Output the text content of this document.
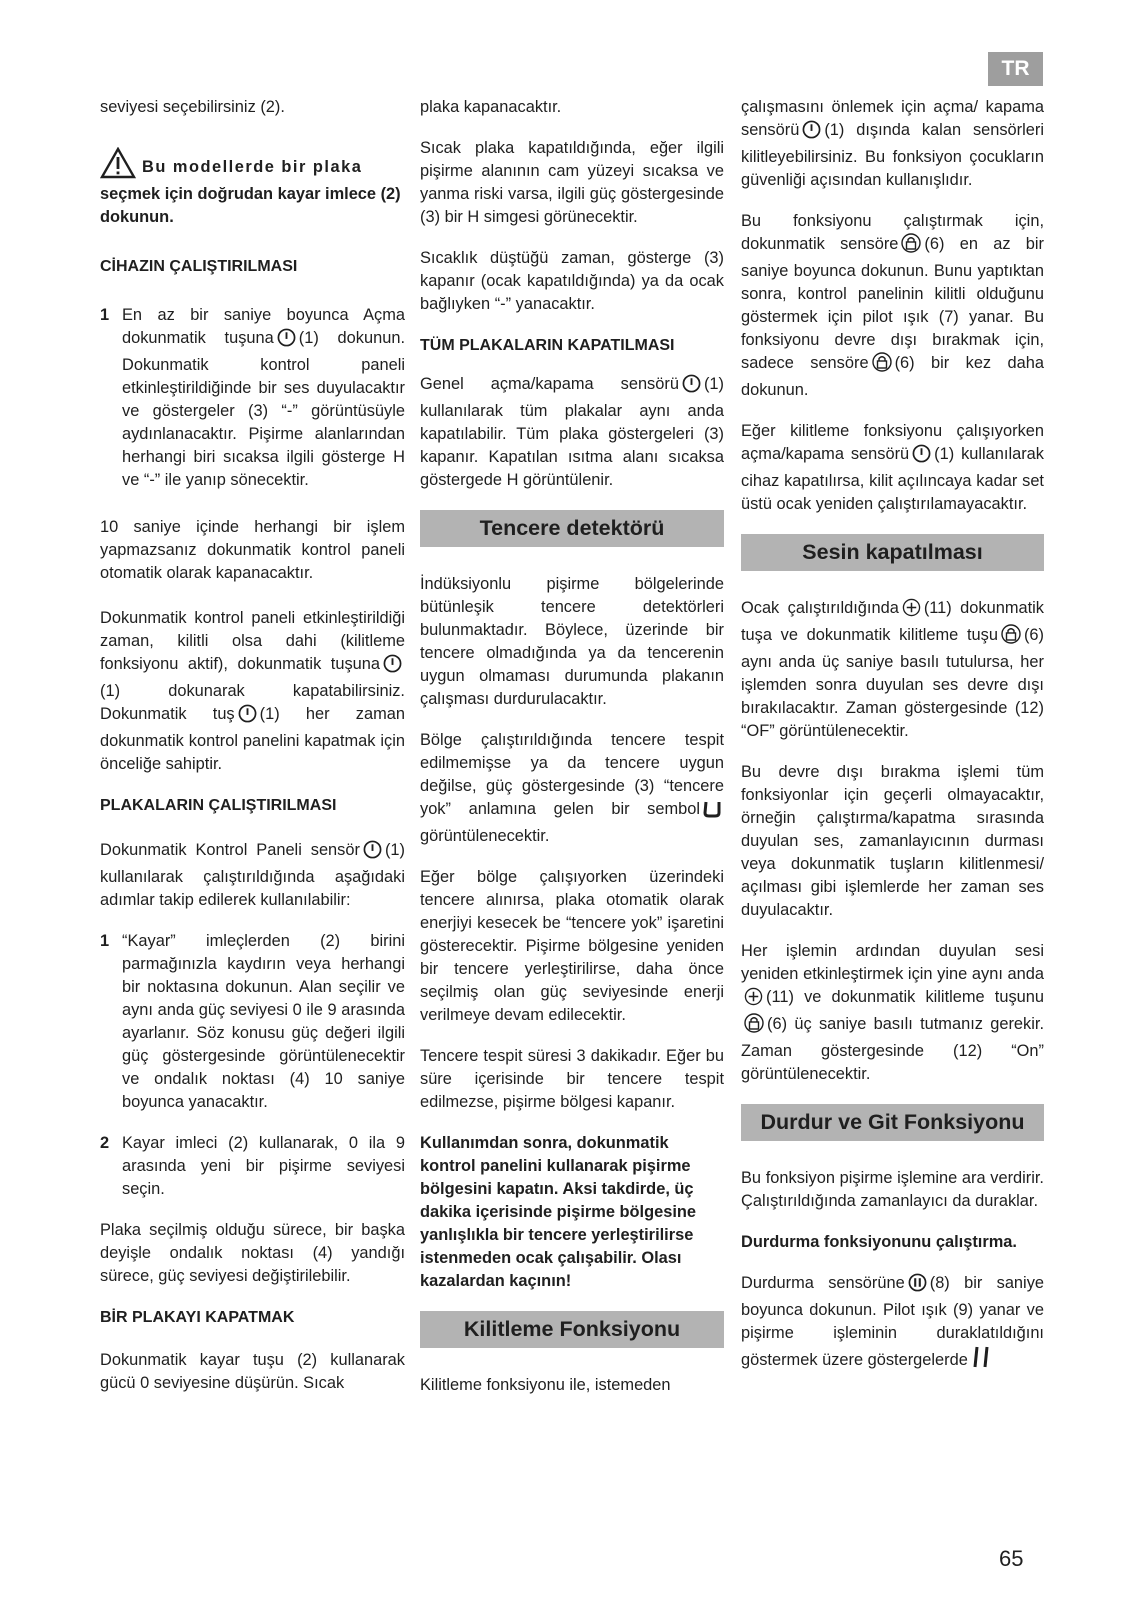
TR

seviyesi seçebilirsiniz (2).

Bu modellerde bir plaka

seçmek için doğrudan kayar imlece (2) dokunun.

CİHAZIN ÇALIŞTIRILMASI
1 En az bir saniye boyunca Açma dokunmatik tuşuna (1) dokunun. Dokunmatik kontrol paneli etkinleştirildiğinde bir ses duyulacaktır ve göstergeler (3) “-” görüntüsüyle aydınlanacaktır. Pişirme alanlarından herhangi biri sıcaksa ilgili gösterge H ve “-” ile yanıp sönecektir.

10 saniye içinde herhangi bir işlem yapmazsanız dokunmatik kontrol paneli otomatik olarak kapanacaktır.

Dokunmatik kontrol paneli etkinleştirildiği zaman, kilitli olsa dahi (kilitleme fonksiyonu aktif), dokunmatik tuşuna(1) dokunarak kapatabilirsiniz. Dokunmatik tuş (1) her zaman dokunmatik kontrol panelini kapatmak için önceliğe sahiptir.

PLAKALARIN ÇALIŞTIRILMASI

Dokunmatik Kontrol Paneli sensör (1) kullanılarak çalıştırıldığında aşağıdaki adımlar takip edilerek kullanılabilir:

1 “Kayar” imleçlerden (2) birini parmağınızla kaydırın veya herhangi bir noktasına dokunun. Alan seçilir ve aynı anda güç seviyesi 0 ile 9 arasında ayarlanır. Söz konusu güç değeri ilgili güç göstergesinde görüntülenecektir ve ondalık noktası (4) 10 saniye boyunca yanacaktır.
2 Kayar imleci (2) kullanarak, 0 ila 9 arasında yeni bir pişirme seviyesi seçin.

Plaka seçilmiş olduğu sürece, bir başka deyişle ondalık noktası (4) yandığı sürece, güç seviyesi değiştirilebilir.

BİR PLAKAYI KAPATMAK

Dokunmatik kayar tuşu (2) kullanarak gücü 0 seviyesine düşürün. Sıcak

plaka kapanacaktır.

Sıcak plaka kapatıldığında, eğer ilgili pişirme alanının cam yüzeyi sıcaksa ve yanma riski varsa, ilgili güç göstergesinde (3) bir H simgesi görünecektir.

Sıcaklık düştüğü zaman, gösterge (3) kapanır (ocak kapatıldığında) ya da ocak bağlıyken “-” yanacaktır.

TÜM PLAKALARIN KAPATILMASI

Genel açma/kapama sensörü (1) kullanılarak tüm plakalar aynı anda kapatılabilir. Tüm plaka göstergeleri (3) kapanır. Kapatılan ısıtma alanı sıcaksa göstergede H görüntülenir.

Tencere detektörü

İndüksiyonlu pişirme bölgelerinde bütünleşik tencere detektörleri bulunmaktadır. Böylece, üzerinde bir tencere olmadığında ya da tencerenin uygun olmaması durumunda plakanın çalışması durdurulacaktır.

Bölge çalıştırıldığında tencere tespit edilmemişse ya da tencere uygun değilse, güç göstergesinde (3) “tencere yok” anlamına gelen bir sembolgörüntülenecektir.

Eğer bölge çalışıyorken üzerindeki tencere alınırsa, plaka otomatik olarak enerjiyi kesecek be “tencere yok” işaretini gösterecektir. Pişirme bölgesine yeniden bir tencere yerleştirilirse, daha önce seçilmiş olan güç seviyesinde enerji verilmeye devam edilecektir.

Tencere tespit süresi 3 dakikadır. Eğer bu süre içerisinde bir tencere tespit edilmezse, pişirme bölgesi kapanır.

Kullanımdan sonra, dokunmatik kontrol panelini kullanarak pişirme bölgesini kapatın. Aksi takdirde, üç dakika içerisinde pişirme bölgesine yanlışlıkla bir tencere yerleştirilirse istenmeden ocak çalışabilir. Olası kazalardan kaçının!

Kilitleme Fonksiyonu

Kilitleme fonksiyonu ile, istemeden

çalışmasını önlemek için açma/ kapama sensörü (1) dışında kalan sensörleri kilitleyebilirsiniz. Bu fonksiyon çocukların güvenliği açısından kullanışlıdır.

Bu fonksiyonu çalıştırmak için, dokunmatik sensöre (6) en az bir saniye boyunca dokunun. Bunu yaptıktan sonra, kontrol panelinin kilitli olduğunu göstermek için pilot ışık (7) yanar. Bu fonksiyonu devre dışı bırakmak için, sadece sensöre (6) bir kez daha dokunun.

Eğer kilitleme fonksiyonu çalışıyorken açma/kapama sensörü (1) kullanılarak cihaz kapatılırsa, kilit açılıncaya kadar set üstü ocak yeniden çalıştırılamayacaktır.

Sesin kapatılması

Ocak çalıştırıldığında (11) dokunmatik tuşa ve dokunmatik kilitleme tuşu (6) aynı anda üç saniye basılı tutulursa, her işlemden sonra duyulan ses devre dışı bırakılacaktır. Zaman göstergesinde (12) “OF” görüntülenecektir.

Bu devre dışı bırakma işlemi tüm fonksiyonlar için geçerli olmayacaktır, örneğin çalıştırma/kapatma sırasında duyulan ses, zamanlayıcının durması veya dokunmatik tuşların kilitlenmesi/ açılması gibi işlemlerde her zaman ses duyulacaktır.

Her işlemin ardından duyulan sesi yeniden etkinleştirmek için yine aynı anda(11) ve dokunmatik kilitleme tuşunu(6) üç saniye basılı tutmanız gerekir. Zaman göstergesinde (12) “On” görüntülenecektir.

Durdur ve Git Fonksiyonu

Bu fonksiyon pişirme işlemine ara verdirir. Çalıştırıldığında zamanlayıcı da duraklar.

Durdurma fonksiyonunu çalıştırma.

Durdurma sensörüne (8) bir saniye boyunca dokunun. Pilot ışık (9) yanar ve pişirme işleminin duraklatıldığını göstermek üzere göstergelerde

65
